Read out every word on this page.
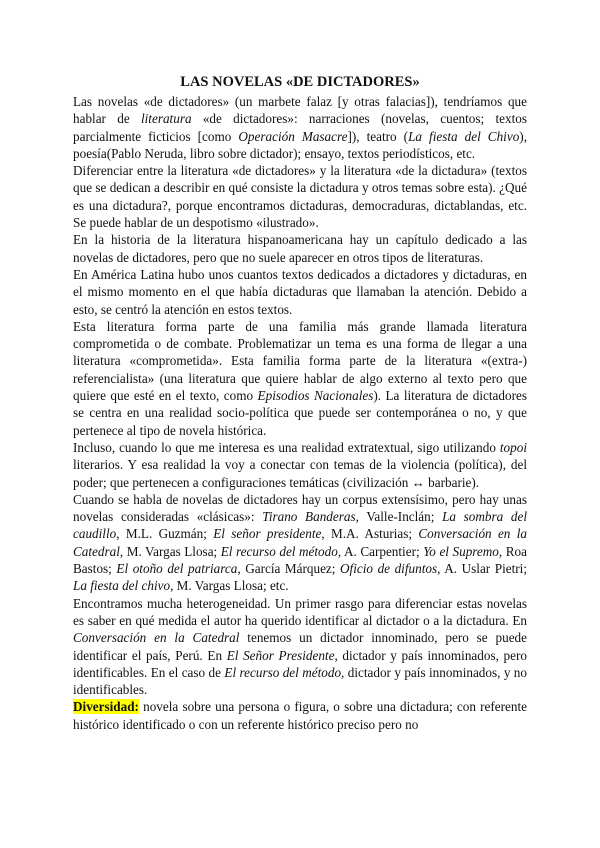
LAS NOVELAS «DE DICTADORES»

Las novelas «de dictadores» (un marbete falaz [y otras falacias]), tendríamos que hablar de literatura «de dictadores»: narraciones (novelas, cuentos; textos parcialmente ficticios [como Operación Masacre]), teatro (La fiesta del Chivo), poesía(Pablo Neruda, libro sobre dictador); ensayo, textos periodísticos, etc.

Diferenciar entre la literatura «de dictadores» y la literatura «de la dictadura» (textos que se dedican a describir en qué consiste la dictadura y otros temas sobre esta). ¿Qué es una dictadura?, porque encontramos dictaduras, democraduras, dictablandas, etc. Se puede hablar de un despotismo «ilustrado».

En la historia de la literatura hispanoamericana hay un capítulo dedicado a las novelas de dictadores, pero que no suele aparecer en otros tipos de literaturas.

En América Latina hubo unos cuantos textos dedicados a dictadores y dictaduras, en el mismo momento en el que había dictaduras que llamaban la atención. Debido a esto, se centró la atención en estos textos.

Esta literatura forma parte de una familia más grande llamada literatura comprometida o de combate. Problematizar un tema es una forma de llegar a una literatura «comprometida». Esta familia forma parte de la literatura «(extra-) referencialista» (una literatura que quiere hablar de algo externo al texto pero que quiere que esté en el texto, como Episodios Nacionales). La literatura de dictadores se centra en una realidad socio-política que puede ser contemporánea o no, y que pertenece al tipo de novela histórica.

Incluso, cuando lo que me interesa es una realidad extratextual, sigo utilizando topoi literarios. Y esa realidad la voy a conectar con temas de la violencia (política), del poder; que pertenecen a configuraciones temáticas (civilización ↔ barbarie).

Cuando se habla de novelas de dictadores hay un corpus extensísimo, pero hay unas novelas consideradas «clásicas»: Tirano Banderas, Valle-Inclán; La sombra del caudillo, M.L. Guzmán; El señor presidente, M.A. Asturias; Conversación en la Catedral, M. Vargas Llosa; El recurso del método, A. Carpentier; Yo el Supremo, Roa Bastos; El otoño del patriarca, García Márquez; Oficio de difuntos, A. Uslar Pietri; La fiesta del chivo, M. Vargas Llosa; etc.

Encontramos mucha heterogeneidad. Un primer rasgo para diferenciar estas novelas es saber en qué medida el autor ha querido identificar al dictador o a la dictadura. En Conversación en la Catedral tenemos un dictador innominado, pero se puede identificar el país, Perú. En El Señor Presidente, dictador y país innominados, pero identificables. En el caso de El recurso del método, dictador y país innominados, y no identificables.

Diversidad: novela sobre una persona o figura, o sobre una dictadura; con referente histórico identificado o con un referente histórico preciso pero no
